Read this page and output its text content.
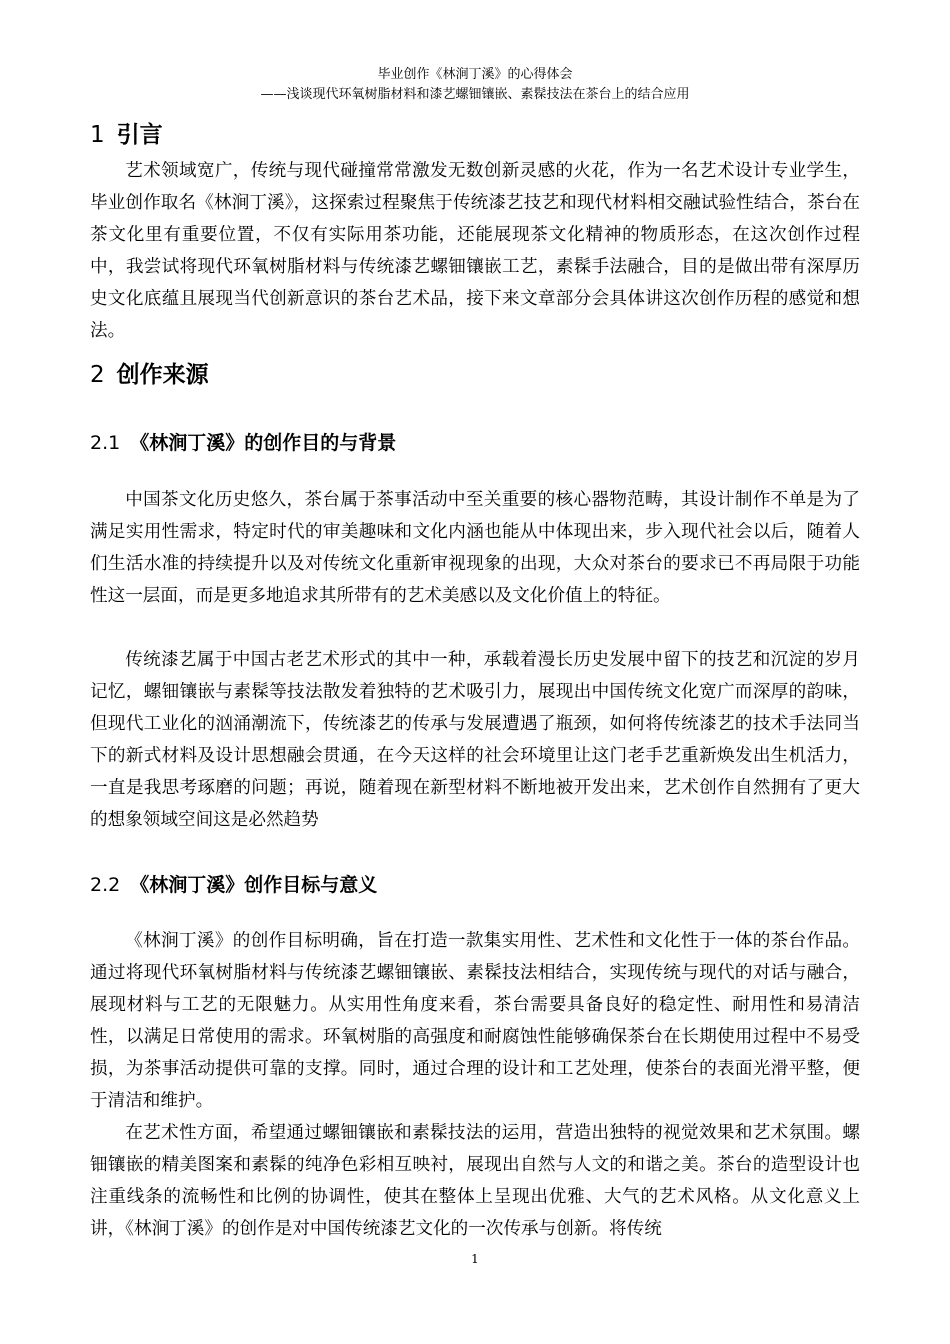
毕业创作《林涧丁溪》的心得体会
——浅谈现代环氧树脂材料和漆艺螺钿镶嵌、素髹技法在茶台上的结合应用
1 引言

艺术领域宽广，传统与现代碰撞常常激发无数创新灵感的火花，作为一名艺术设计专业学生，毕业创作取名《林涧丁溪》，这探索过程聚焦于传统漆艺技艺和现代材料相交融试验性结合，茶台在茶文化里有重要位置，不仅有实际用茶功能，还能展现茶文化精神的物质形态，在这次创作过程中，我尝试将现代环氧树脂材料与传统漆艺螺钿镶嵌工艺，素髹手法融合，目的是做出带有深厚历史文化底蕴且展现当代创新意识的茶台艺术品，接下来文章部分会具体讲这次创作历程的感觉和想法。

2 创作来源
2.1 《林涧丁溪》的创作目的与背景

中国茶文化历史悠久，茶台属于茶事活动中至关重要的核心器物范畴，其设计制作不单是为了满足实用性需求，特定时代的审美趣味和文化内涵也能从中体现出来，步入现代社会以后，随着人们生活水准的持续提升以及对传统文化重新审视现象的出现，大众对茶台的要求已不再局限于功能性这一层面，而是更多地追求其所带有的艺术美感以及文化价值上的特征。

传统漆艺属于中国古老艺术形式的其中一种，承载着漫长历史发展中留下的技艺和沉淀的岁月记忆，螺钿镶嵌与素髹等技法散发着独特的艺术吸引力，展现出中国传统文化宽广而深厚的韵味，但现代工业化的汹涌潮流下，传统漆艺的传承与发展遭遇了瓶颈，如何将传统漆艺的技术手法同当下的新式材料及设计思想融会贯通，在今天这样的社会环境里让这门老手艺重新焕发出生机活力，一直是我思考琢磨的问题；再说，随着现在新型材料不断地被开发出来，艺术创作自然拥有了更大的想象领域空间这是必然趋势

2.2 《林涧丁溪》创作目标与意义

《林涧丁溪》的创作目标明确，旨在打造一款集实用性、艺术性和文化性于一体的茶台作品。通过将现代环氧树脂材料与传统漆艺螺钿镶嵌、素髹技法相结合，实现传统与现代的对话与融合，展现材料与工艺的无限魅力。从实用性角度来看，茶台需要具备良好的稳定性、耐用性和易清洁性，以满足日常使用的需求。环氧树脂的高强度和耐腐蚀性能够确保茶台在长期使用过程中不易受损，为茶事活动提供可靠的支撑。同时，通过合理的设计和工艺处理，使茶台的表面光滑平整，便于清洁和维护。

在艺术性方面，希望通过螺钿镶嵌和素髹技法的运用，营造出独特的视觉效果和艺术氛围。螺钿镶嵌的精美图案和素髹的纯净色彩相互映衬，展现出自然与人文的和谐之美。茶台的造型设计也注重线条的流畅性和比例的协调性，使其在整体上呈现出优雅、大气的艺术风格。从文化意义上讲，《林涧丁溪》的创作是对中国传统漆艺文化的一次传承与创新。将传统

1
